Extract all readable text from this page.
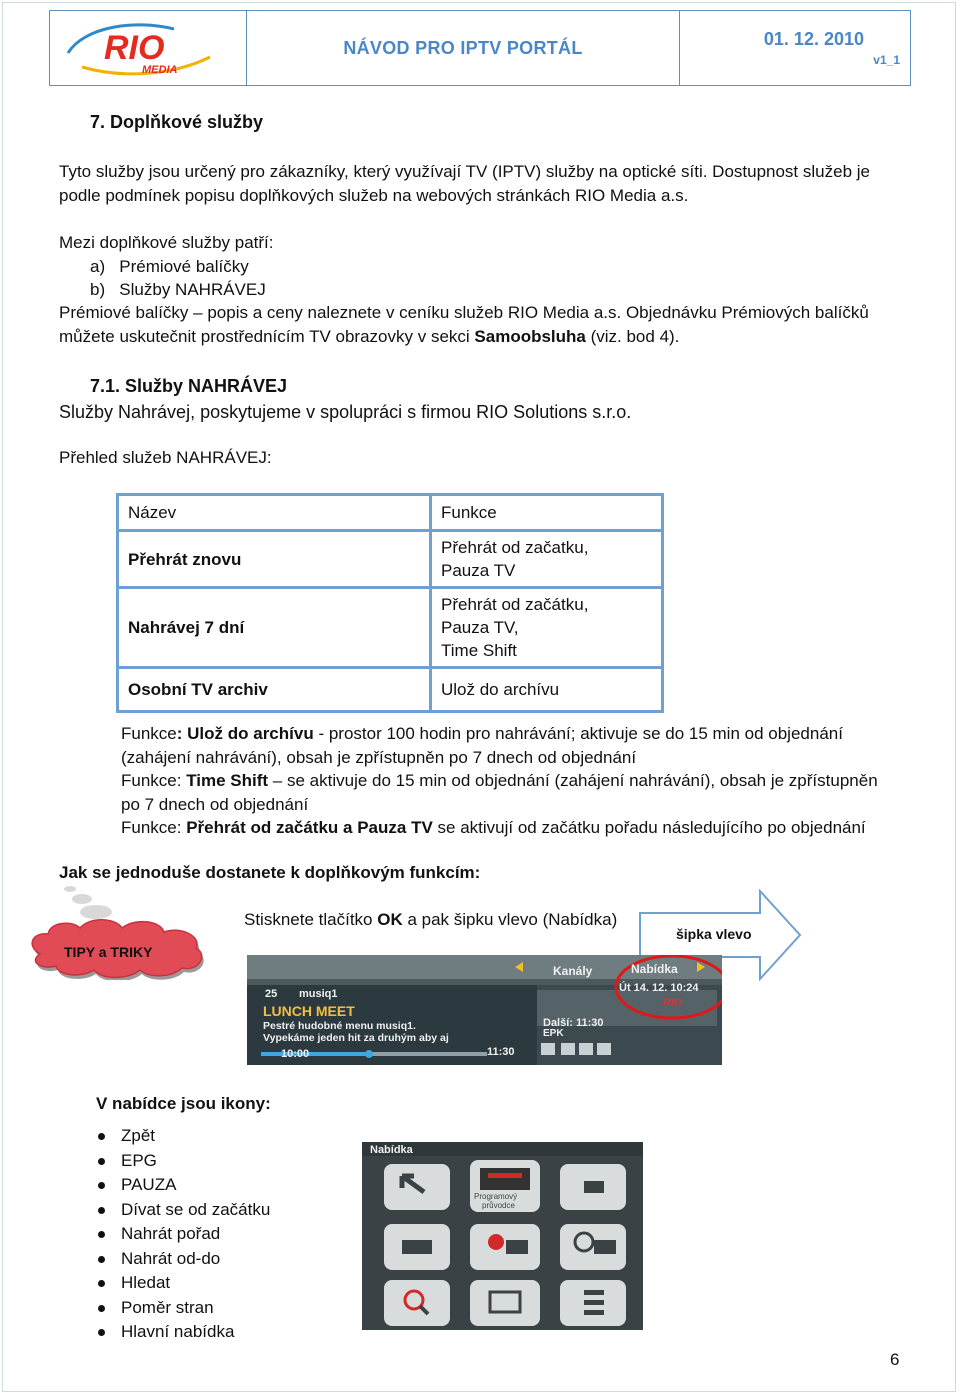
RIO
MEDIA
NÁVOD PRO IPTV PORTÁL	01. 12. 2010
v1_1
7. Doplňkové služby
Tyto služby jsou určený pro zákazníky, který využívají TV (IPTV) služby na optické síti. Dostupnost služeb je
podle podmínek popisu doplňkových služeb na webových stránkách RIO Media a.s.
Mezi doplňkové služby patří:
a) Prémiové balíčky
b) Služby NAHRÁVEJ
Prémiové balíčky – popis a ceny naleznete v ceníku služeb RIO Media a.s. Objednávku Prémiových balíčků
můžete uskutečnit prostřednícím TV obrazovky v sekci Samoobsluha (viz. bod 4).
7.1. Služby NAHRÁVEJ
Služby Nahrávej, poskytujeme v spolupráci s firmou RIO Solutions s.r.o.
Přehled služeb NAHRÁVEJ:
Název	Funkce
Přehrát znovu	Přehrát od začatku,
Pauza TV

Nahrávej 7 dní	Přehrát od začátku,
Pauza TV,
Time Shift

Osobní TV archiv	Ulož do archívu
Funkce: Ulož do archívu - prostor 100 hodin pro nahrávání; aktivuje se do 15 min od objednání
(zahájení nahrávání), obsah je zpřístupněn po 7 dnech od objednání
Funkce: Time Shift – se aktivuje do 15 min od objednání (zahájení nahrávání), obsah je zpřístupněn
po 7 dnech od objednání
Funkce: Přehrát od začátku a Pauza TV se aktivují od začátku pořadu následujícího po objednání
Jak se jednoduše dostanete k doplňkovým funkcím:
TIPY a TRIKY
Stisknete tlačítko OK a pak šipku vlevo (Nabídka)
šipka vlevo
Kanály	Nabídka
25 musiq1	Út 14. 12. 10:24
RIO
LUNCH MEET
Pestré hudobné menu musiq1.
Vypekáme jeden hit za druhým aby aj
Další: 11:30
EPK
10:00	11:30
V nabídce jsou ikony:
Zpět
EPG
PAUZA
Dívat se od začátku
Nahrát pořad
Nahrát od-do
Hledat
Poměr stran
Hlavní nabídka
Nabídka
Programový
průvodce
6
